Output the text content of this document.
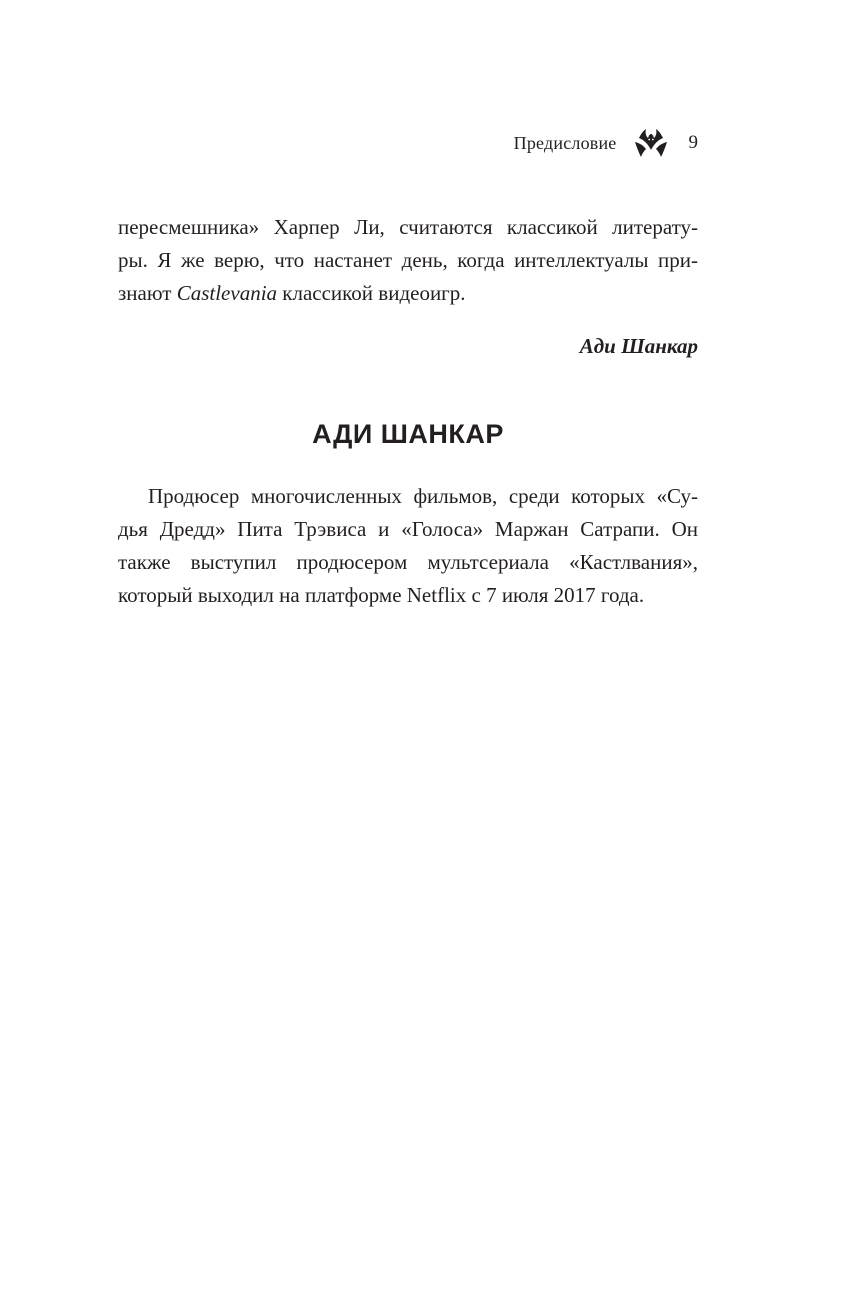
Предисловие	9
пересмешника» Харпер Ли, считаются классикой литерату-
ры. Я же верю, что настанет день, когда интеллектуалы при-
знают Castlevania классикой видеоигр.
Ади Шанкар
АДИ ШАНКАР
Продюсер многочисленных фильмов, среди которых «Су-
дья Дредд» Пита Трэвиса и «Голоса» Маржан Сатрапи. Он
также выступил продюсером мультсериала «Кастлвания»,
который выходил на платформе Netflix с 7 июля 2017 года.
